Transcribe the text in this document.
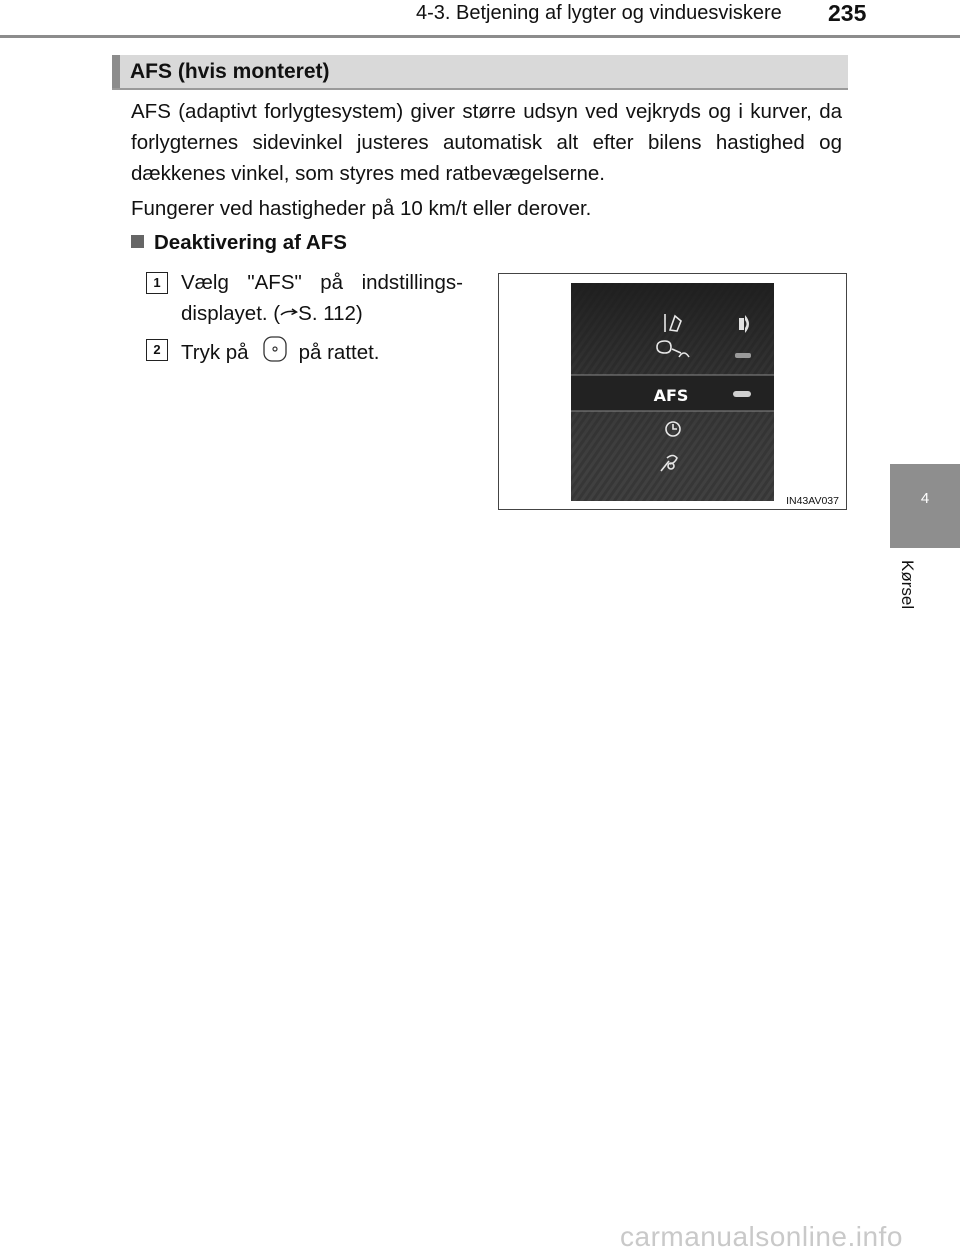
4-3. Betjening af lygter og vinduesviskere 235
AFS (hvis monteret)
AFS (adaptivt forlygtesystem) giver større udsyn ved vejkryds og i kurver, da forlygternes sidevinkel justeres automatisk alt efter bilens hastighed og dækkenes vinkel, som styres med ratbevægelserne.
Fungerer ved hastigheder på 10 km/t eller derover.
Deaktivering af AFS
1 Vælg "AFS" på indstillings-
displayet. ( S. 112)
2 Tryk på på rattet.
AFS
IN43AV037	4
Kørsel
carmanualsonline.info
